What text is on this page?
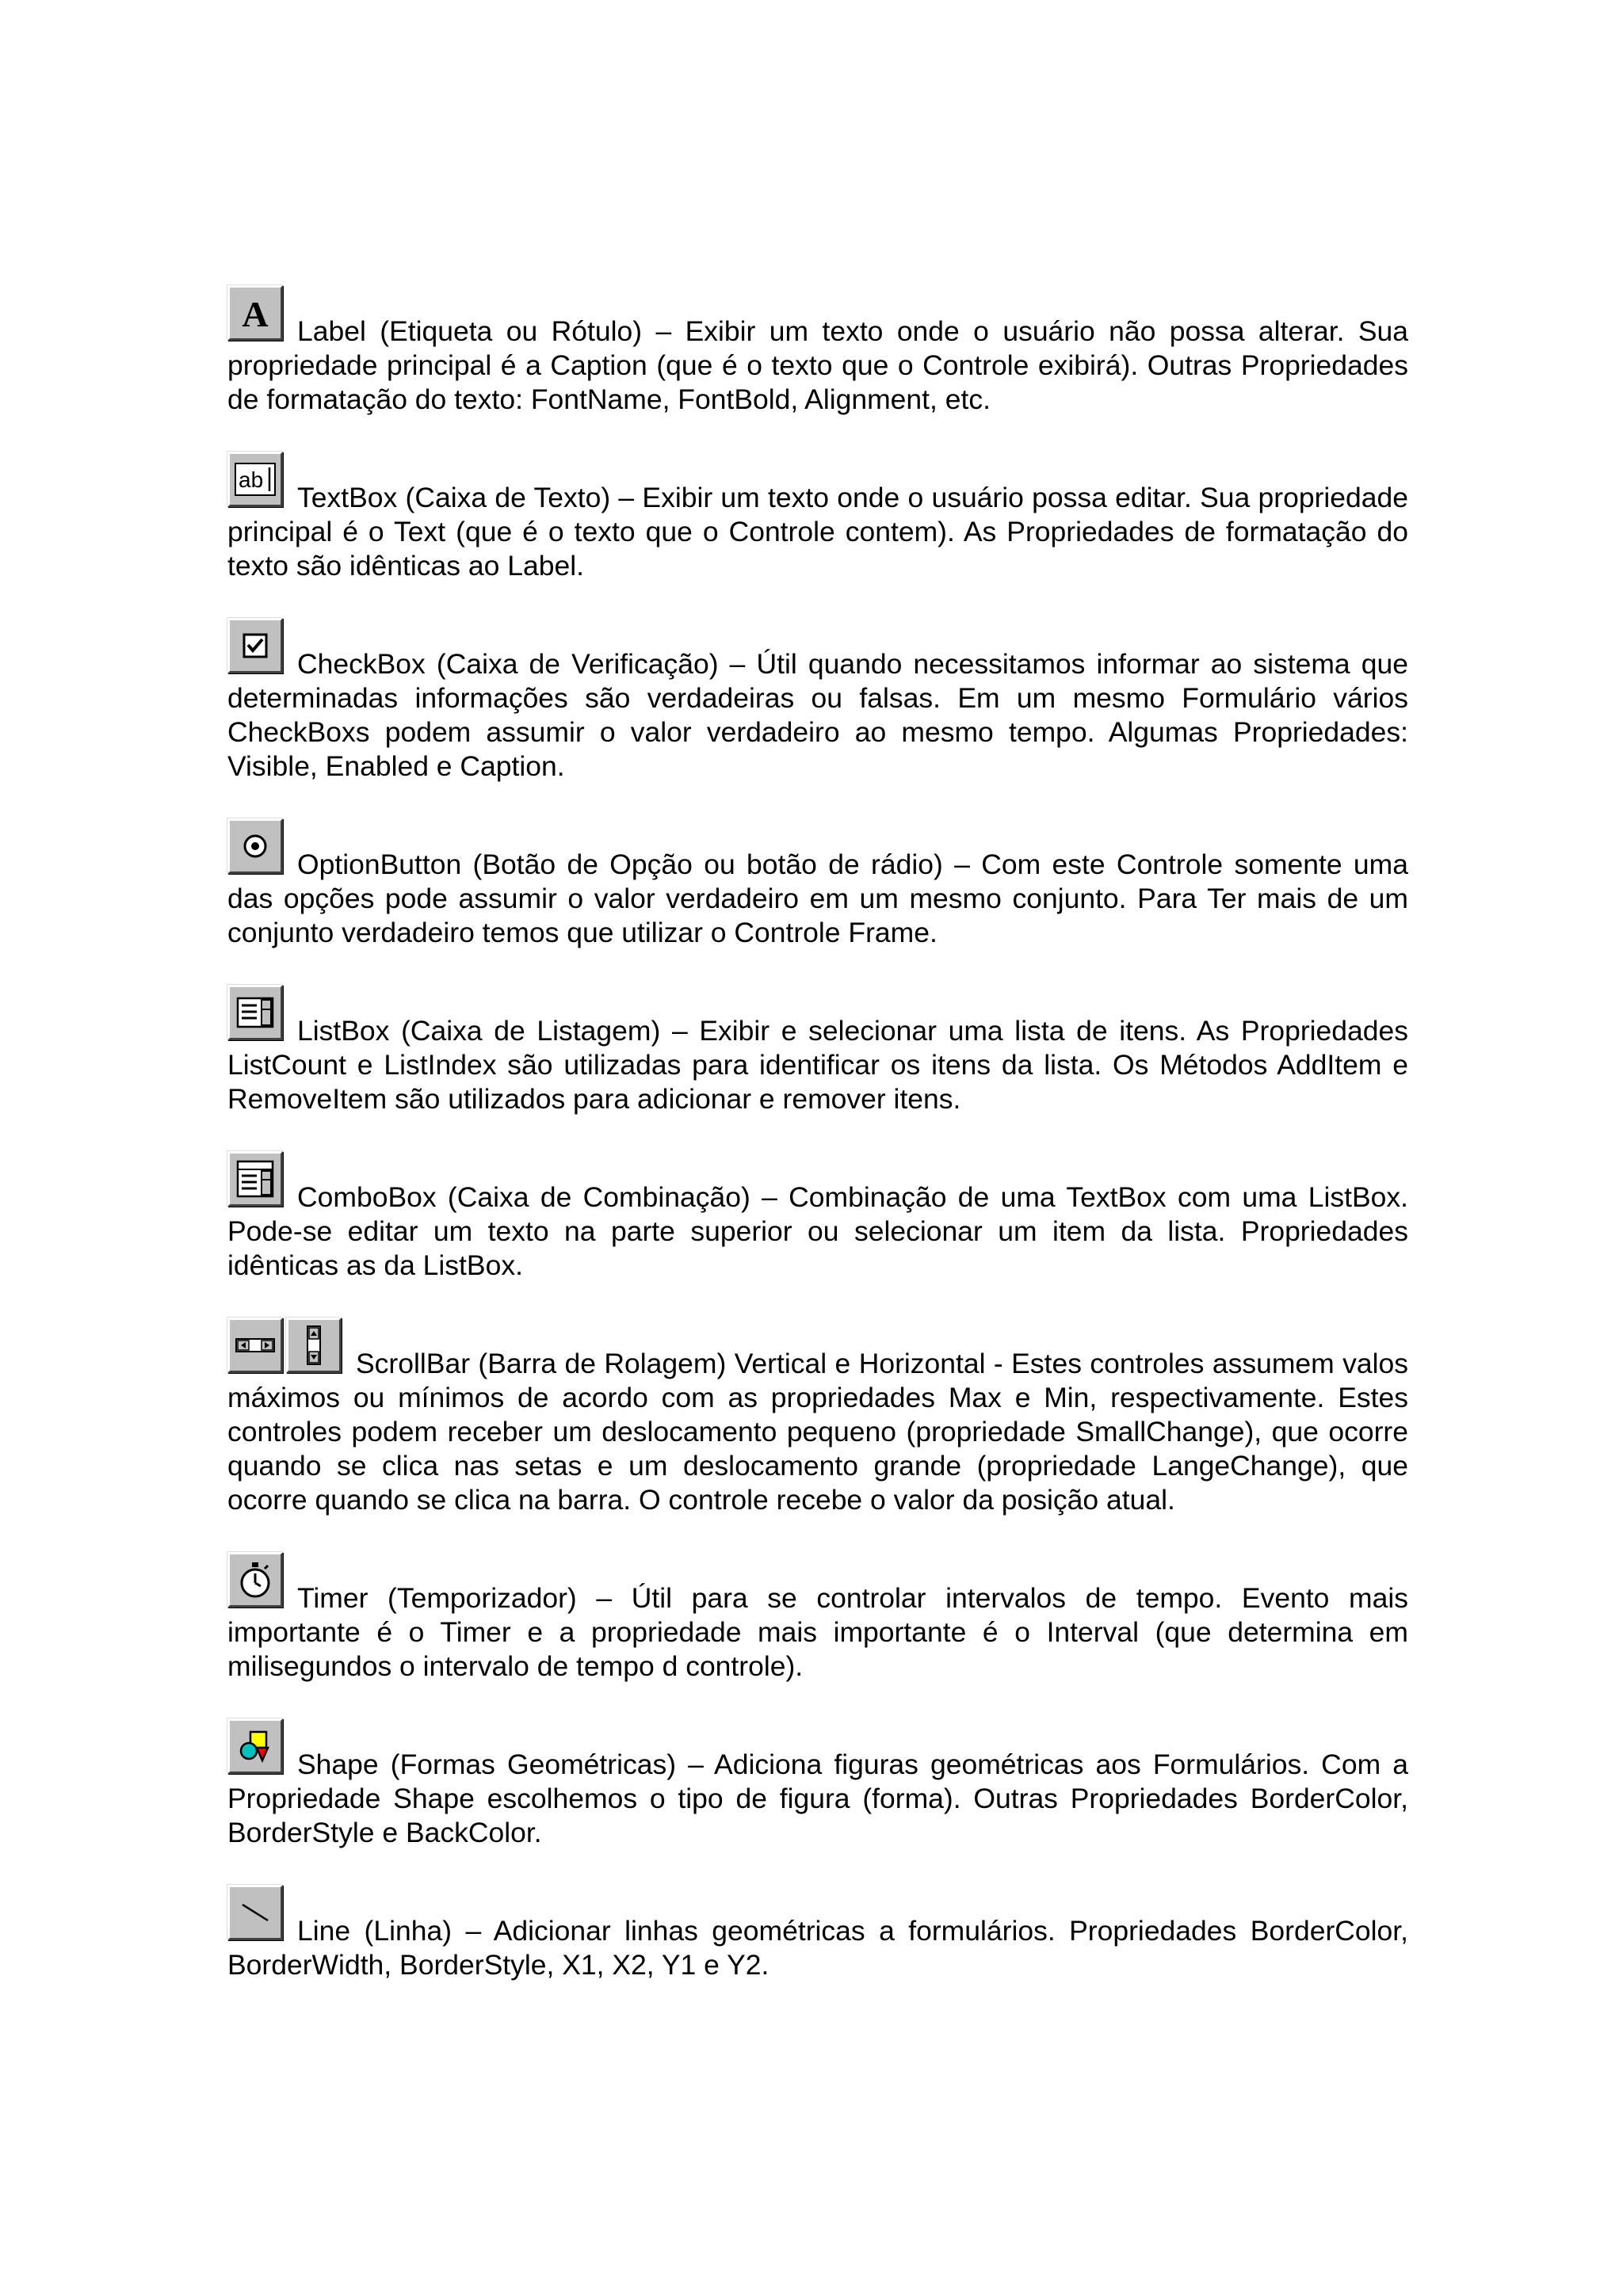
A Label (Etiqueta ou Rótulo) – Exibir um texto onde o usuário não possa alterar. Sua propriedade principal é a Caption (que é o texto que o Controle exibirá). Outras Propriedades de formatação do texto: FontName, FontBold, Alignment, etc.

ab
TextBox (Caixa de Texto) – Exibir um texto onde o usuário possa editar. Sua propriedade principal é o Text (que é o texto que o Controle contem). As Propriedades de formatação do texto são idênticas ao Label.

CheckBox (Caixa de Verificação) – Útil quando necessitamos informar ao sistema que determinadas informações são verdadeiras ou falsas. Em um mesmo Formulário vários CheckBoxs podem assumir o valor verdadeiro ao mesmo tempo. Algumas Propriedades: Visible, Enabled e Caption.

OptionButton (Botão de Opção ou botão de rádio) – Com este Controle somente uma das opções pode assumir o valor verdadeiro em um mesmo conjunto. Para Ter mais de um conjunto verdadeiro temos que utilizar o Controle Frame.

ListBox (Caixa de Listagem) – Exibir e selecionar uma lista de itens. As Propriedades ListCount e ListIndex são utilizadas para identificar os itens da lista. Os Métodos AddItem e RemoveItem são utilizados para adicionar e remover itens.

ComboBox (Caixa de Combinação) – Combinação de uma TextBox com uma ListBox. Pode-se editar um texto na parte superior ou selecionar um item da lista. Propriedades idênticas as da ListBox.

ScrollBar (Barra de Rolagem) Vertical e Horizontal - Estes controles assumem valos máximos ou mínimos de acordo com as propriedades Max e Min, respectivamente. Estes controles podem receber um deslocamento pequeno (propriedade SmallChange), que ocorre quando se clica nas setas e um deslocamento grande (propriedade LangeChange), que ocorre quando se clica na barra. O controle recebe o valor da posição atual.

Timer (Temporizador) – Útil para se controlar intervalos de tempo. Evento mais importante é o Timer e a propriedade mais importante é o Interval (que determina em milisegundos o intervalo de tempo d controle).

Shape (Formas Geométricas) – Adiciona figuras geométricas aos Formulários. Com a Propriedade Shape escolhemos o tipo de figura (forma). Outras Propriedades BorderColor, BorderStyle e BackColor.

Line (Linha) – Adicionar linhas geométricas a formulários. Propriedades BorderColor, BorderWidth, BorderStyle, X1, X2, Y1 e Y2.
